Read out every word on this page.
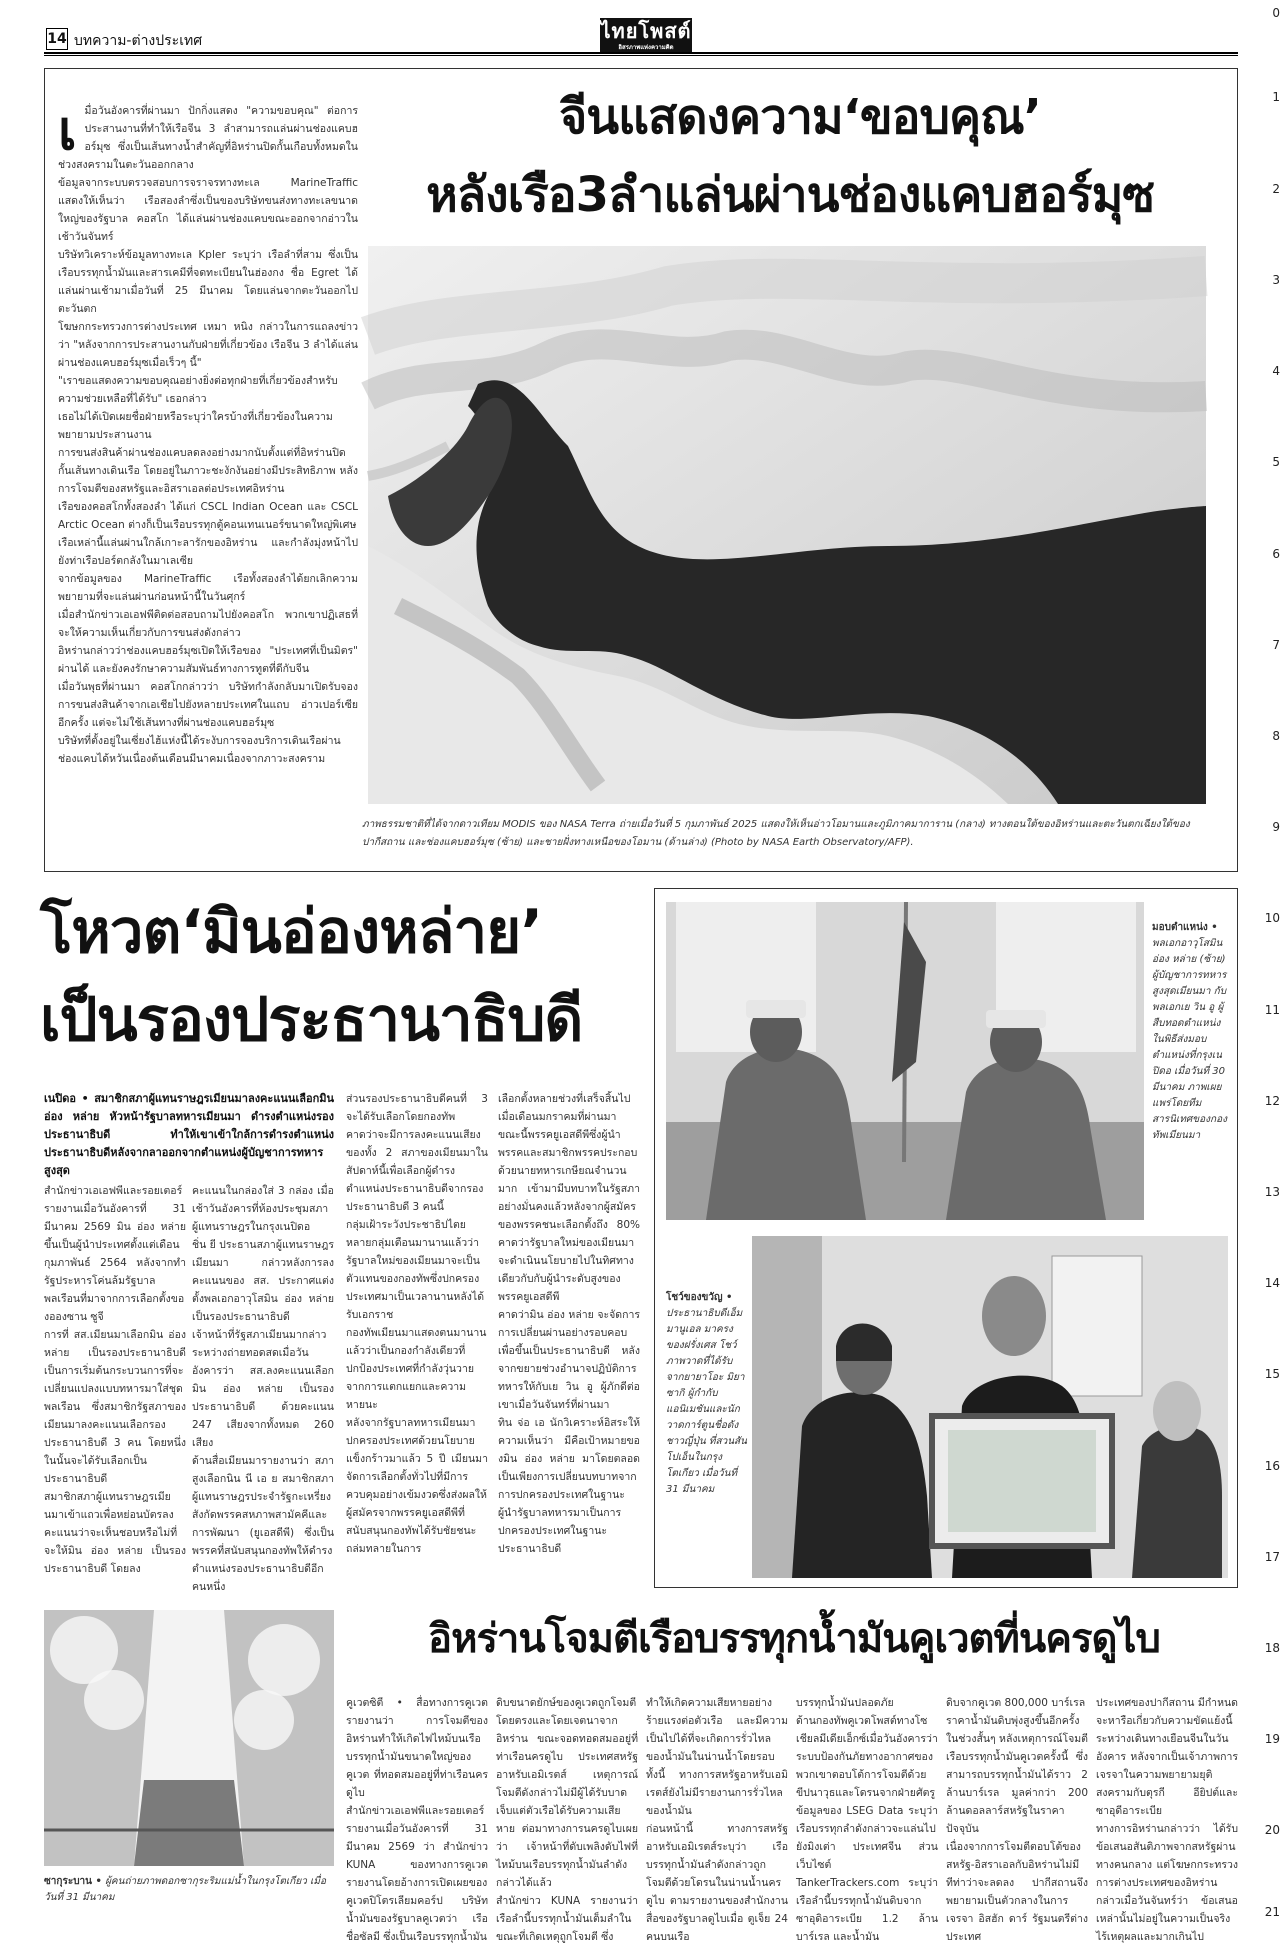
0
1
2
3
4
5
6
7
8
9
10
11
12
13
14
15
16
17
18
19
20
21
14 บทความ-ต่างประเทศ	ไทยโพสต์
อิสรภาพแห่งความคิด

เมื่อวันอังคารที่ผ่านมา ปักกิ่งแสดง "ความขอบคุณ" ต่อการประสานงานที่ทำให้เรือจีน 3 ลำสามารถแล่นผ่านช่องแคบฮอร์มุซ ซึ่งเป็นเส้นทางน้ำสำคัญที่อิหร่านปิดกั้นเกือบทั้งหมดในช่วงสงครามในตะวันออกกลาง
ข้อมูลจากระบบตรวจสอบการจราจรทางทะเล MarineTraffic แสดงให้เห็นว่า เรือสองลำซึ่งเป็นของบริษัทขนส่งทางทะเลขนาดใหญ่ของรัฐบาล คอสโก ได้แล่นผ่านช่องแคบขณะออกจากอ่าวในเช้าวันจันทร์
บริษัทวิเคราะห์ข้อมูลทางทะเล Kpler ระบุว่า เรือลำที่สาม ซึ่งเป็นเรือบรรทุกน้ำมันและสารเคมีที่จดทะเบียนในฮ่องกง ชื่อ Egret ได้แล่นผ่านเช้ามาเมื่อวันที่ 25 มีนาคม โดยแล่นจากตะวันออกไปตะวันตก
โฆษกกระทรวงการต่างประเทศ เหมา หนิง กล่าวในการแถลงข่าวว่า "หลังจากการประสานงานกับฝ่ายที่เกี่ยวข้อง เรือจีน 3 ลำได้แล่นผ่านช่องแคบฮอร์มุซเมื่อเร็วๆ นี้"
"เราขอแสดงความขอบคุณอย่างยิ่งต่อทุกฝ่ายที่เกี่ยวข้องสำหรับความช่วยเหลือที่ได้รับ" เธอกล่าว
เธอไม่ได้เปิดเผยชื่อฝ่ายหรือระบุว่าใครบ้างที่เกี่ยวข้องในความพยายามประสานงาน
การขนส่งสินค้าผ่านช่องแคบลดลงอย่างมากนับตั้งแต่ที่อิหร่านปิดกั้นเส้นทางเดินเรือ โดยอยู่ในภาวะชะงักงันอย่างมีประสิทธิภาพ หลังการโจมตีของสหรัฐและอิสราเอลต่อประเทศอิหร่าน
เรือของคอสโกทั้งสองลำ ได้แก่ CSCL Indian Ocean และ CSCL Arctic Ocean ต่างก็เป็นเรือบรรทุกตู้คอนเทนเนอร์ขนาดใหญ่พิเศษ
เรือเหล่านี้แล่นผ่านใกล้เกาะลารักของอิหร่าน และกำลังมุ่งหน้าไปยังท่าเรือปอร์ตกลังในมาเลเซีย
จากข้อมูลของ MarineTraffic เรือทั้งสองลำได้ยกเลิกความพยายามที่จะแล่นผ่านก่อนหน้านี้ในวันศุกร์
เมื่อสำนักข่าวเอเอฟพีติดต่อสอบถามไปยังคอสโก พวกเขาปฏิเสธที่จะให้ความเห็นเกี่ยวกับการขนส่งดังกล่าว
อิหร่านกล่าวว่าช่องแคบฮอร์มุซเปิดให้เรือของ "ประเทศที่เป็นมิตร" ผ่านได้ และยังคงรักษาความสัมพันธ์ทางการทูตที่ดีกับจีน
เมื่อวันพุธที่ผ่านมา คอสโกกล่าวว่า บริษัทกำลังกลับมาเปิดรับจองการขนส่งสินค้าจากเอเชียไปยังหลายประเทศในแถบ อ่าวเปอร์เซียอีกครั้ง แต่จะไม่ใช้เส้นทางที่ผ่านช่องแคบฮอร์มุซ
บริษัทที่ตั้งอยู่ในเซี่ยงไฮ้แห่งนี้ได้ระงับการจองบริการเดินเรือผ่านช่องแคบได้หวันเนื่องต้นเดือนมีนาคมเนื่องจากภาวะสงคราม

จีนแสดงความ‘ขอบคุณ’
หลังเรือ3ลำแล่นผ่านช่องแคบฮอร์มุซ
ภาพธรรมชาติที่ได้จากดาวเทียม MODIS ของ NASA Terra ถ่ายเมื่อวันที่ 5 กุมภาพันธ์ 2025 แสดงให้เห็นอ่าวโอมานและภูมิภาคมาการาน (กลาง) ทางตอนใต้ของอิหร่านและตะวันตกเฉียงใต้ของปากีสถาน และช่องแคบฮอร์มุซ (ซ้าย) และชายฝั่งทางเหนือของโอมาน (ด้านล่าง) (Photo by NASA Earth Observatory/AFP).
โหวต‘มินอ่องหล่าย’
เป็นรองประธานาธิบดี
เนปิดอ • สมาชิกสภาผู้แทนราษฎรเมียนมาลงคะแนนเลือกมิน อ่อง หล่าย หัวหน้ารัฐบาลทหารเมียนมา ดำรงตำแหน่งรองประธานาธิบดี ทำให้เขาเข้าใกล้การดำรงตำแหน่งประธานาธิบดีหลังจากลาออกจากตำแหน่งผู้บัญชาการทหารสูงสุด
สำนักข่าวเอเอฟพีและรอยเตอร์รายงานเมื่อวันอังคารที่ 31 มีนาคม 2569 มิน อ่อง หล่าย ขึ้นเป็นผู้นำประเทศตั้งแต่เดือนกุมภาพันธ์ 2564 หลังจากทำรัฐประหารโค่นล้มรัฐบาลพลเรือนที่มาจากการเลือกตั้งของอองซาน ซูจี
การที่ สส.เมียนมาเลือกมิน อ่อง หล่าย เป็นรองประธานาธิบดี เป็นการเริ่มต้นกระบวนการที่จะเปลี่ยนแปลงแบบทหารมาใส่ชุดพลเรือน ซึ่งสมาชิกรัฐสภาของเมียนมาลงคะแนนเลือกรองประธานาธิบดี 3 คน โดยหนึ่งในนั้นจะได้รับเลือกเป็นประธานาธิบดี
สมาชิกสภาผู้แทนราษฎรเมียนมาเข้าแถวเพื่อหย่อนบัตรลงคะแนนว่าจะเห็นชอบหรือไม่ที่จะให้มิน อ่อง หล่าย เป็นรองประธานาธิบดี โดยลง
คะแนนในกล่องใส่ 3 กล่อง เมื่อเช้าวันอังคารที่ห้องประชุมสภาผู้แทนราษฎรในกรุงเนปิดอ
ชิ่น ยี ประธานสภาผู้แทนราษฎรเมียนมา กล่าวหลังการลงคะแนนของ สส. ประกาศแต่งตั้งพลเอกอาวุโสมิน อ่อง หล่าย เป็นรองประธานาธิบดี
เจ้าหน้าที่รัฐสภาเมียนมากล่าวระหว่างถ่ายทอดสดเมื่อวันอังคารว่า สส.ลงคะแนนเลือกมิน อ่อง หล่าย เป็นรองประธานาธิบดี ด้วยคะแนน 247 เสียงจากทั้งหมด 260 เสียง
ด้านสื่อเมียนมารายงานว่า สภาสูงเลือกนิน นี เอ ย สมาชิกสภาผู้แทนราษฎรประจำรัฐกะเหรี่ยง สังกัดพรรคสหภาพสามัคคีและการพัฒนา (ยูเอสดีพี) ซึ่งเป็นพรรคที่สนับสนุนกองทัพให้ดำรงตำแหน่งรองประธานาธิบดีอีกคนหนึ่ง
ส่วนรองประธานาธิบดีคนที่ 3 จะได้รับเลือกโดยกองทัพ
คาดว่าจะมีการลงคะแนนเสียงของทั้ง 2 สภาของเมียนมาในสัปดาห์นี้เพื่อเลือกผู้ดำรงตำแหน่งประธานาธิบดีจากรองประธานาธิบดี 3 คนนี้
กลุ่มเฝ้าระวังประชาธิปไตยหลายกลุ่มเตือนมานานแล้วว่ารัฐบาลใหม่ของเมียนมาจะเป็นตัวแทนของกองทัพซึ่งปกครองประเทศมาเป็นเวลานานหลังได้รับเอกราช
กองทัพเมียนมาแสดงตนมานานแล้วว่าเป็นกองกำลังเดียวที่ปกป้องประเทศที่กำลังวุ่นวายจากการแตกแยกและความหายนะ
หลังจากรัฐบาลทหารเมียนมาปกครองประเทศด้วยนโยบายแข็งกร้าวมาแล้ว 5 ปี เมียนมาจัดการเลือกตั้งทั่วไปที่มีการควบคุมอย่างเข้มงวดซึ่งส่งผลให้ผู้สมัครจากพรรคยูเอสดีพีที่สนับสนุนกองทัพได้รับชัยชนะถล่มทลายในการ
เลือกตั้งหลายช่วงที่เสร็จสิ้นไปเมื่อเดือนมกราคมที่ผ่านมา
ขณะนี้พรรคยูเอสดีพีซึ่งผู้นำพรรคและสมาชิกพรรคประกอบด้วยนายทหารเกษียณจำนวนมาก เข้ามามีบทบาทในรัฐสภาอย่างมั่นคงแล้วหลังจากผู้สมัครของพรรคชนะเลือกตั้งถึง 80% คาดว่ารัฐบาลใหม่ของเมียนมาจะดำเนินนโยบายไปในทิศทางเดียวกับกับผู้นำระดับสูงของพรรคยูเอสดีพี
คาดว่ามิน อ่อง หล่าย จะจัดการการเปลี่ยนผ่านอย่างรอบคอบเพื่อขึ้นเป็นประธานาธิบดี หลังจากขยายช่วงอำนาจปฏิบัติการทหารให้กับเย วิน อู ผู้ภักดีต่อเขาเมื่อวันจันทร์ที่ผ่านมา
ทิน จ่อ เอ นักวิเคราะห์อิสระให้ความเห็นว่า มีคือเป้าหมายของมิน อ่อง หล่าย มาโดยตลอด เป็นเพียงการเปลี่ยนบทบาทจากการปกครองประเทศในฐานะผู้นำรัฐบาลทหารมาเป็นการปกครองประเทศในฐานะประธานาธิบดี
มอบตำแหน่ง • พลเอกอาวุโสมิน อ่อง หล่าย (ซ้าย) ผู้บัญชาการทหารสูงสุดเมียนมา กับพลเอกเย วิน อู ผู้สืบทอดตำแหน่งในพิธีส่งมอบตำแหน่งที่กรุงเนปิดอ เมื่อวันที่ 30 มีนาคม ภาพเผยแพร่โดยทีมสารนิเทศของกองทัพเมียนมา
โชว์ของขวัญ • ประธานาธิบดีเอ็มมานูเอล มาครงของฝรั่งเศส โชว์ภาพวาดที่ได้รับจากยายาโอะ มิยาซากิ ผู้กำกับแอนิเมชันและนักวาดการ์ตูนชื่อดังชาวญี่ปุ่น ที่สวนสันโปเอ็นในกรุงโตเกียว เมื่อวันที่ 31 มีนาคม
ซากุระบาน • ผู้คนถ่ายภาพดอกซากุระริมแม่น้ำในกรุงโตเกียว เมื่อวันที่ 31 มีนาคม
อิหร่านโจมตีเรือบรรทุกน้ำมันคูเวตที่นครดูไบ
คูเวตซิตี • สื่อทางการคูเวตรายงานว่า การโจมตีของอิหร่านทำให้เกิดไฟไหม้บนเรือบรรทุกน้ำมันขนาดใหญ่ของคูเวต ที่ทอดสมออยู่ที่ท่าเรือนครดูไบ
สำนักข่าวเอเอฟพีและรอยเตอร์รายงานเมื่อวันอังคารที่ 31 มีนาคม 2569 ว่า สำนักข่าว KUNA ของทางการคูเวตรายงานโดยอ้างการเปิดเผยของคูเวตปิโตรเลียมคอร์ป บริษัทน้ำมันของรัฐบาลคูเวตว่า เรือชื่อซัลมี ซึ่งเป็นเรือบรรทุกน้ำมัน
ดิบขนาดยักษ์ของคูเวตถูกโจมตีโดยตรงและโดยเจตนาจากอิหร่าน ขณะจอดทอดสมออยู่ที่ท่าเรือนครดูไบ ประเทศสหรัฐอาหรับเอมิเรตส์ เหตุการณ์โจมตีดังกล่าวไม่มีผู้ได้รับบาดเจ็บแต่ตัวเรือได้รับความเสียหาย ต่อมาทางการนครดูไบเผยว่า เจ้าหน้าที่ดับเพลิงดับไฟที่ไหม้บนเรือบรรทุกน้ำมันลำดังกล่าวได้แล้ว
สำนักข่าว KUNA รายงานว่า เรือลำนี้บรรทุกน้ำมันเต็มลำในขณะที่เกิดเหตุถูกโจมตี ซึ่ง
ทำให้เกิดความเสียหายอย่างร้ายแรงต่อตัวเรือ และมีความเป็นไปได้ที่จะเกิดการรั่วไหลของน้ำมันในน่านน้ำโดยรอบ
ทั้งนี้ ทางการสหรัฐอาหรับเอมิเรตส์ยังไม่มีรายงานการรั่วไหลของน้ำมัน
ก่อนหน้านี้ ทางการสหรัฐอาหรับเอมิเรตส์ระบุว่า เรือบรรทุกน้ำมันลำดังกล่าวถูกโจมตีด้วยโดรนในน่านน้ำนครดูไบ ตามรายงานของสำนักงานสื่อของรัฐบาลดูไบเมื่อ ตูเจ็ย 24 คนบนเรือ
บรรทุกน้ำมันปลอดภัย
ด้านกองทัพคูเวตโพสต์ทางโซเชียลมีเดียเอ็กซ์เมื่อวันอังคารว่า ระบบป้องกันภัยทางอากาศของพวกเขาตอบโต้การโจมตีด้วยขีปนาวุธและโดรนจากฝ่ายศัตรู
ข้อมูลของ LSEG Data ระบุว่า เรือบรรทุกลำดังกล่าวจะแล่นไปยังมิงเต่า ประเทศจีน ส่วนเว็บไซต์ TankerTrackers.com ระบุว่า เรือลำนี้บรรทุกน้ำมันดิบจากซาอุดิอาระเบีย 1.2 ล้านบาร์เรล และน้ำมัน
ดิบจากคูเวต 800,000 บาร์เรล
ราคาน้ำมันดิบพุ่งสูงขึ้นอีกครั้งในช่วงสั้นๆ หลังเหตุการณ์โจมตีเรือบรรทุกน้ำมันคูเวตครั้งนี้ ซึ่งสามารถบรรทุกน้ำมันได้ราว 2 ล้านบาร์เรล มูลค่ากว่า 200 ล้านดอลลาร์สหรัฐในราคาปัจจุบัน
เนื่องจากการโจมตีตอบโต้ของสหรัฐ-อิสราเอลกับอิหร่านไม่มีทีท่าว่าจะลดลง ปากีสถานจึงพยายามเป็นตัวกลางในการเจรจา อิสฮัก ดาร์ รัฐมนตรีต่างประเทศ
ประเทศของปากีสถาน มีกำหนดจะหารือเกี่ยวกับความขัดแย้งนี้ระหว่างเดินทางเยือนจีนในวันอังคาร หลังจากเป็นเจ้าภาพการเจรจาในความพยายามยุติสงครามกับตุรกี อียิปต์และซาอุดีอาระเบีย
ทางการอิหร่านกล่าวว่า ได้รับข้อเสนอสันติภาพจากสหรัฐผ่านทางคนกลาง แต่โฆษกกระทรวงการต่างประเทศของอิหร่านกล่าวเมื่อวันจันทร์ว่า ข้อเสนอเหล่านั้นไม่อยู่ในความเป็นจริง ไร้เหตุผลและมากเกินไป
